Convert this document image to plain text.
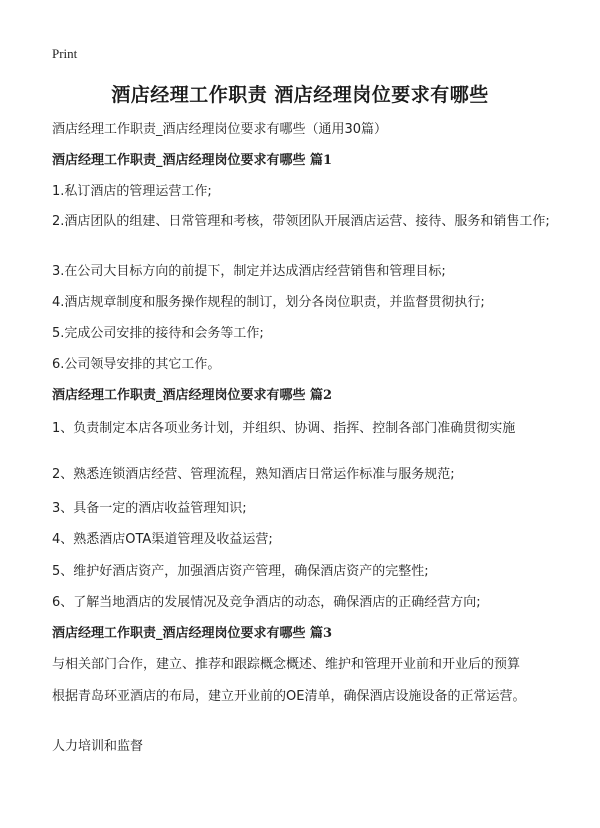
Print
酒店经理工作职责 酒店经理岗位要求有哪些
酒店经理工作职责_酒店经理岗位要求有哪些（通用30篇）
酒店经理工作职责_酒店经理岗位要求有哪些 篇1
1.私订酒店的管理运营工作;
2.酒店团队的组建、日常管理和考核，带领团队开展酒店运营、接待、服务和销售工作;
3.在公司大目标方向的前提下，制定并达成酒店经营销售和管理目标;
4.酒店规章制度和服务操作规程的制订，划分各岗位职责，并监督贯彻执行;
5.完成公司安排的接待和会务等工作;
6.公司领导安排的其它工作。
酒店经理工作职责_酒店经理岗位要求有哪些 篇2
1、负责制定本店各项业务计划，并组织、协调、指挥、控制各部门准确贯彻实施
2、熟悉连锁酒店经营、管理流程，熟知酒店日常运作标准与服务规范;
3、具备一定的酒店收益管理知识;
4、熟悉酒店OTA渠道管理及收益运营;
5、维护好酒店资产，加强酒店资产管理，确保酒店资产的完整性;
6、了解当地酒店的发展情况及竞争酒店的动态，确保酒店的正确经营方向;
酒店经理工作职责_酒店经理岗位要求有哪些 篇3
与相关部门合作，建立、推荐和跟踪概念概述、维护和管理开业前和开业后的预算
根据青岛环亚酒店的布局，建立开业前的OE清单，确保酒店设施设备的正常运营。
人力培训和监督
